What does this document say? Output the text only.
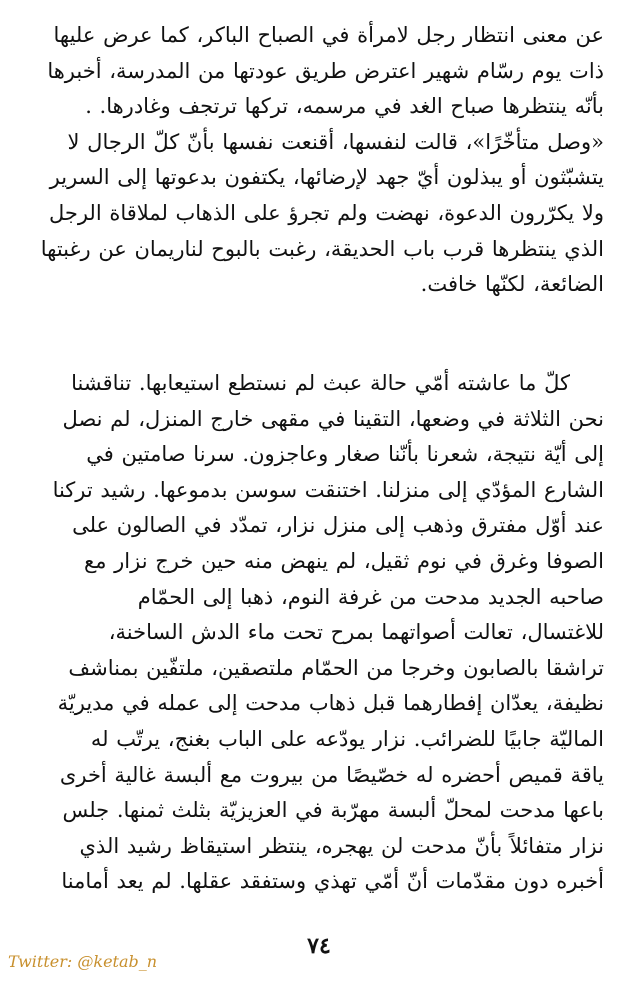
عن معنى انتظار رجل لامرأة في الصباح الباكر، كما عرض عليها
ذات يوم رسّام شهير اعترض طريق عودتها من المدرسة، أخبرها
بأنّه ينتظرها صباح الغد في مرسمه، تركها ترتجف وغادرها. .
«وصل متأخّرًا»، قالت لنفسها، أقنعت نفسها بأنّ كلّ الرجال لا
يتشبّثون أو يبذلون أيّ جهد لإرضائها، يكتفون بدعوتها إلى السرير
ولا يكرّرون الدعوة، نهضت ولم تجرؤ على الذهاب لملاقاة الرجل
الذي ينتظرها قرب باب الحديقة، رغبت بالبوح لناريمان عن رغبتها
الضائعة، لكنّها خافت.
كلّ ما عاشته أمّي حالة عبث لم نستطع استيعابها. تناقشنا
نحن الثلاثة في وضعها، التقينا في مقهى خارج المنزل، لم نصل
إلى أيّة نتيجة، شعرنا بأنّنا صغار وعاجزون. سرنا صامتين في
الشارع المؤدّي إلى منزلنا. اختنقت سوسن بدموعها. رشيد تركنا
عند أوّل مفترق وذهب إلى منزل نزار، تمدّد في الصالون على
الصوفا وغرق في نوم ثقيل، لم ينهض منه حين خرج نزار مع
صاحبه الجديد مدحت من غرفة النوم، ذهبا إلى الحمّام
للاغتسال، تعالت أصواتهما بمرح تحت ماء الدش الساخنة،
تراشقا بالصابون وخرجا من الحمّام ملتصقين، ملتفّين بمناشف
نظيفة، يعدّان إفطارهما قبل ذهاب مدحت إلى عمله في مديريّة
الماليّة جابيًا للضرائب. نزار يودّعه على الباب بغنج، يرتّب له
ياقة قميص أحضره له خصّيصًا من بيروت مع ألبسة غالية أخرى
باعها مدحت لمحلّ ألبسة مهرّبة في العزيزيّة بثلث ثمنها. جلس
نزار متفائلاً بأنّ مدحت لن يهجره، ينتظر استيقاظ رشيد الذي
أخبره دون مقدّمات أنّ أمّي تهذي وستفقد عقلها. لم يعد أمامنا
٧٤
Twitter: @ketab_n
